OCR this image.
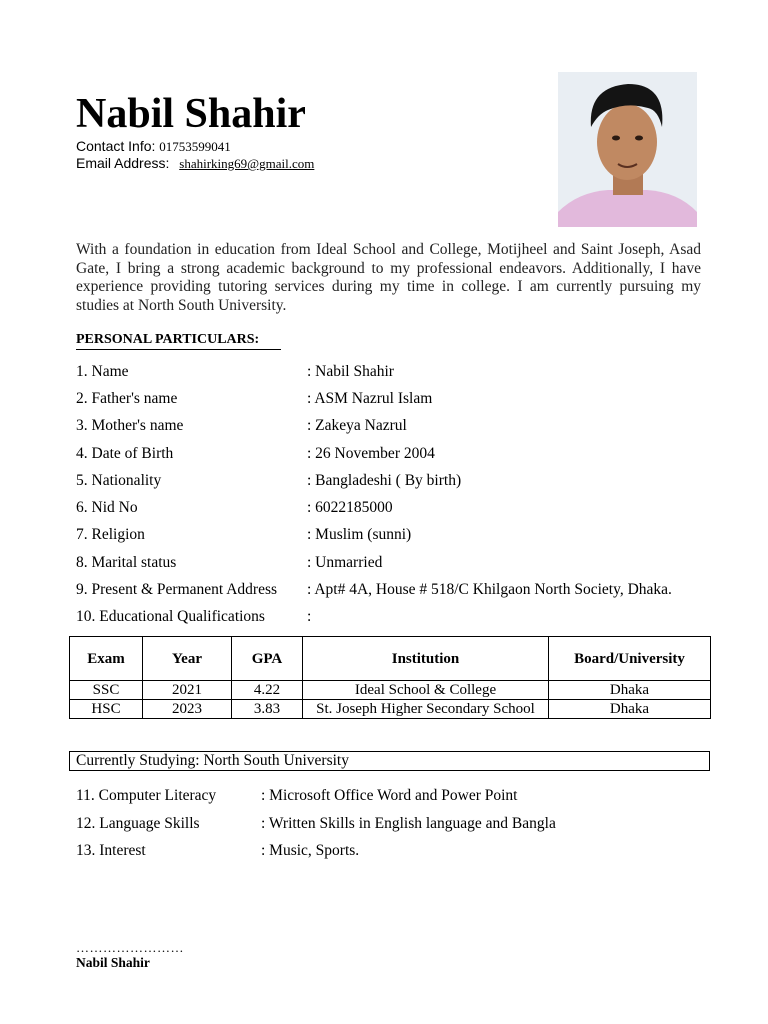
Nabil Shahir
Contact Info: 01753599041
Email Address: shahirking69@gmail.com
With a foundation in education from Ideal School and College, Motijheel and Saint Joseph, Asad Gate, I bring a strong academic background to my professional endeavors. Additionally, I have experience providing tutoring services during my time in college. I am currently pursuing my studies at North South University.
PERSONAL PARTICULARS:
1. Name	: Nabil Shahir
2. Father's name	: ASM Nazrul Islam
3. Mother's name	: Zakeya Nazrul
4. Date of Birth	: 26 November 2004
5. Nationality	: Bangladeshi ( By birth)
6. Nid No	: 6022185000
7. Religion	: Muslim (sunni)
8. Marital status	: Unmarried
9. Present & Permanent Address : Apt# 4A, House # 518/C Khilgaon North Society, Dhaka.
10. Educational Qualifications	:
Exam	Year	GPA	Institution	Board/University
SSC	2021	4.22	Ideal School & College	Dhaka
HSC	2023	3.83	St. Joseph Higher Secondary School	Dhaka
Currently Studying: North South University
11. Computer Literacy	: Microsoft Office Word and Power Point
12. Language Skills	: Written Skills in English language and Bangla
13. Interest	: Music, Sports.
……………………
Nabil Shahir
